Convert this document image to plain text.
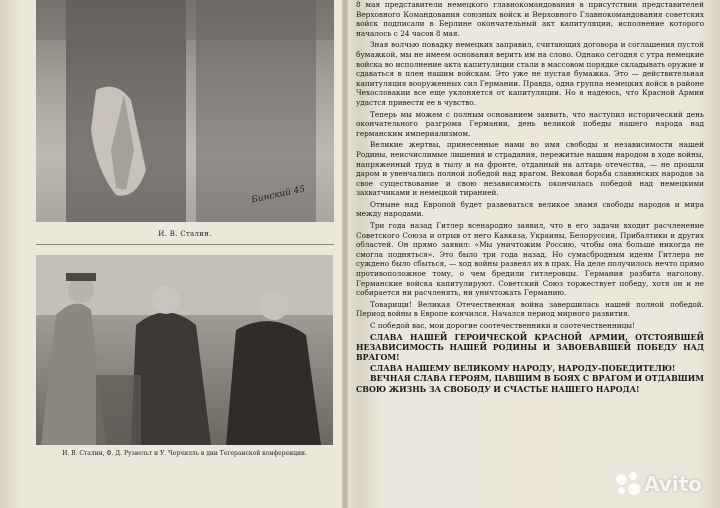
Бинский 45
И. В. Сталин.
И. В. Сталин, Ф. Д. Рузвельт и У. Черчилль в дни Тегеранской конференции.

8 мая представители немецкого главнокомандования в присутствии представителей Верховного Командования союзных войск и Верховного Главнокомандования советских войск подписали в Берлине окончательный акт капитуляции, исполнение которого началось с 24 часов 8 мая.

Зная волчью повадку немецких заправил, считающих договора и соглашения пустой бумажкой, мы не имеем основания верить им на слово. Однако сегодня с утра немецкие войска во исполнение акта капитуляции стали в массовом порядке складывать оружие и сдаваться в плен нашим войскам. Это уже не пустая бумажка. Это — действительная капитуляция вооруженных сил Германии. Правда, одна группа немецких войск в районе Чехословакии все еще уклоняется от капитуляции. Но я надеюсь, что Красной Армии удастся привести ее в чувство.

Теперь мы можем с полным основанием заявить, что наступил исторический день окончательного разгрома Германии, день великой победы нашего народа над германским империализмом.

Великие жертвы, принесенные нами во имя свободы и независимости нашей Родины, неисчислимые лишения и страдания, пережитые нашим народом в ходе войны, напряженный труд в тылу и на фронте, отданный на алтарь отечества, — не прошли даром и увенчались полной победой над врагом. Вековая борьба славянских народов за свое существование и свою независимость окончилась победой над немецкими захватчиками и немецкой тиранией.

Отныне над Европой будет развеваться великое знамя свободы народов и мира между народами.

Три года назад Гитлер всенародно заявил, что в его задачи входит расчленение Советского Союза и отрыв от него Кавказа, Украины, Белоруссии, Прибалтики и других областей. Он прямо заявил: «Мы уничтожим Россию, чтобы она больше никогда не смогла подняться». Это было три года назад. Но сумасбродным идеям Гитлера не суждено было сбыться, — ход войны развеял их в прах. На деле получилось нечто прямо противоположное тому, о чем бредили гитлеровцы. Германия разбита наголову. Германские войска капитулируют. Советский Союз торжествует победу, хотя он и не собирается ни расчленять, ни уничтожать Германию.

Товарищи! Великая Отечественная война завершилась нашей полной победой. Период войны в Европе кончился. Начался период мирного развития.

С победой вас, мои дорогие соотечественники и соотечественницы!

СЛАВА НАШЕЙ ГЕРОИЧЕСКОЙ КРАСНОЙ АРМИИ, ОТСТОЯВШЕЙ НЕЗАВИСИМОСТЬ НАШЕЙ РОДИНЫ И ЗАВОЕВАВШЕЙ ПОБЕДУ НАД ВРАГОМ!

СЛАВА НАШЕМУ ВЕЛИКОМУ НАРОДУ, НАРОДУ-ПОБЕДИТЕЛЮ!

ВЕЧНАЯ СЛАВА ГЕРОЯМ, ПАВШИМ В БОЯХ С ВРАГОМ И ОТДАВШИМ СВОЮ ЖИЗНЬ ЗА СВОБОДУ И СЧАСТЬЕ НАШЕГО НАРОДА!

Avito
